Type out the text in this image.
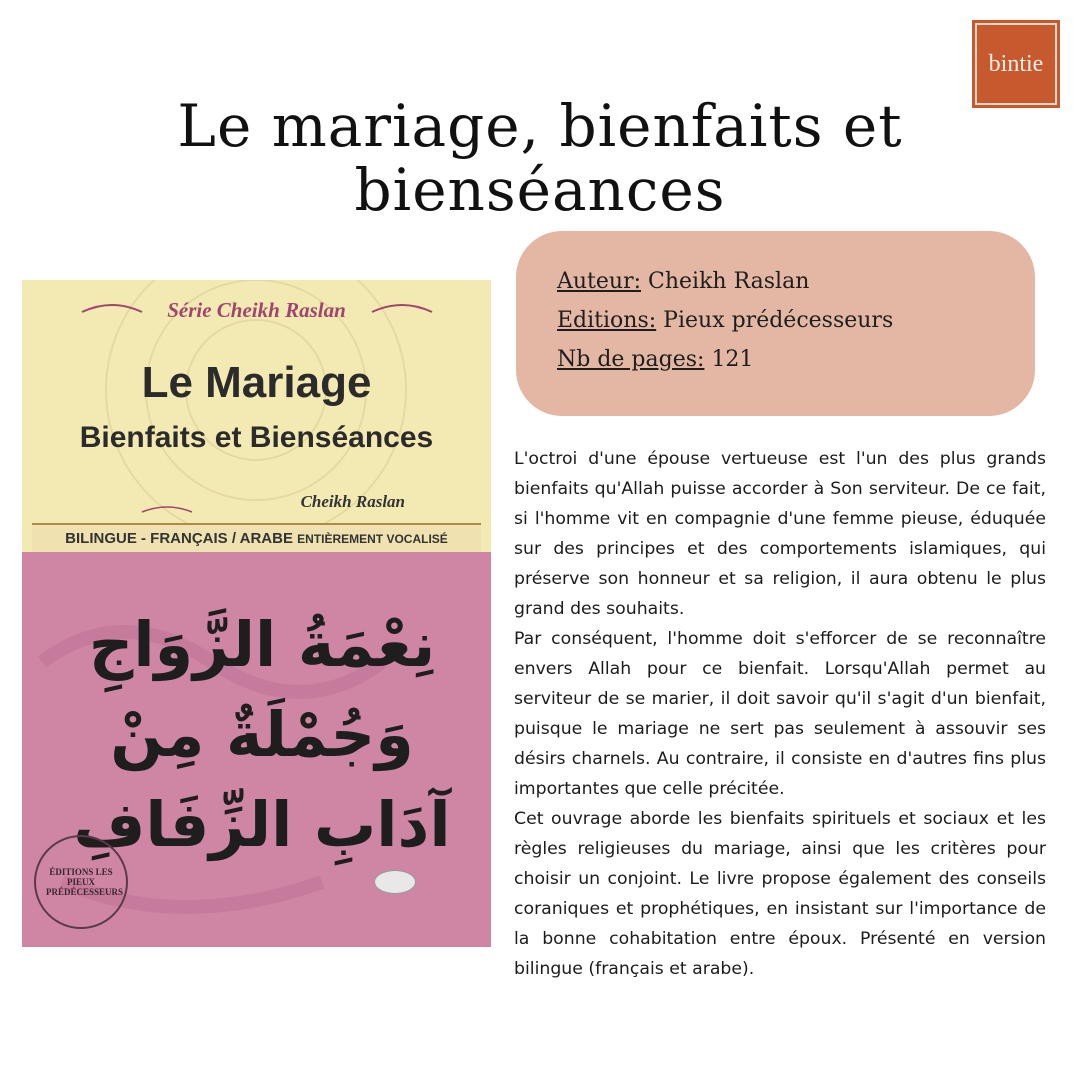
Le mariage, bienfaits et bienséances
bintie
Série Cheikh Raslan
Le Mariage
Bienfaits et Bienséances
Cheikh Raslan
BILINGUE - FRANÇAIS / ARABE ENTIÈREMENT VOCALISÉ
نِعْمَةُ الزَّوَاجِ وَجُمْلَةٌ مِنْ آدَابِ الزِّفَافِ
ÉDITIONS LES PIEUX PRÉDÉCESSEURS
Auteur: Cheikh Raslan
Editions: Pieux prédécesseurs
Nb de pages: 121

L'octroi d'une épouse vertueuse est l'un des plus grands bienfaits qu'Allah puisse accorder à Son serviteur. De ce fait, si l'homme vit en compagnie d'une femme pieuse, éduquée sur des principes et des comportements islamiques, qui préserve son honneur et sa religion, il aura obtenu le plus grand des souhaits.

Par conséquent, l'homme doit s'efforcer de se reconnaître envers Allah pour ce bienfait. Lorsqu'Allah permet au serviteur de se marier, il doit savoir qu'il s'agit d'un bienfait, puisque le mariage ne sert pas seulement à assouvir ses désirs charnels. Au contraire, il consiste en d'autres fins plus importantes que celle précitée.

Cet ouvrage aborde les bienfaits spirituels et sociaux et les règles religieuses du mariage, ainsi que les critères pour choisir un conjoint. Le livre propose également des conseils coraniques et prophétiques, en insistant sur l'importance de la bonne cohabitation entre époux. Présenté en version bilingue (français et arabe).
